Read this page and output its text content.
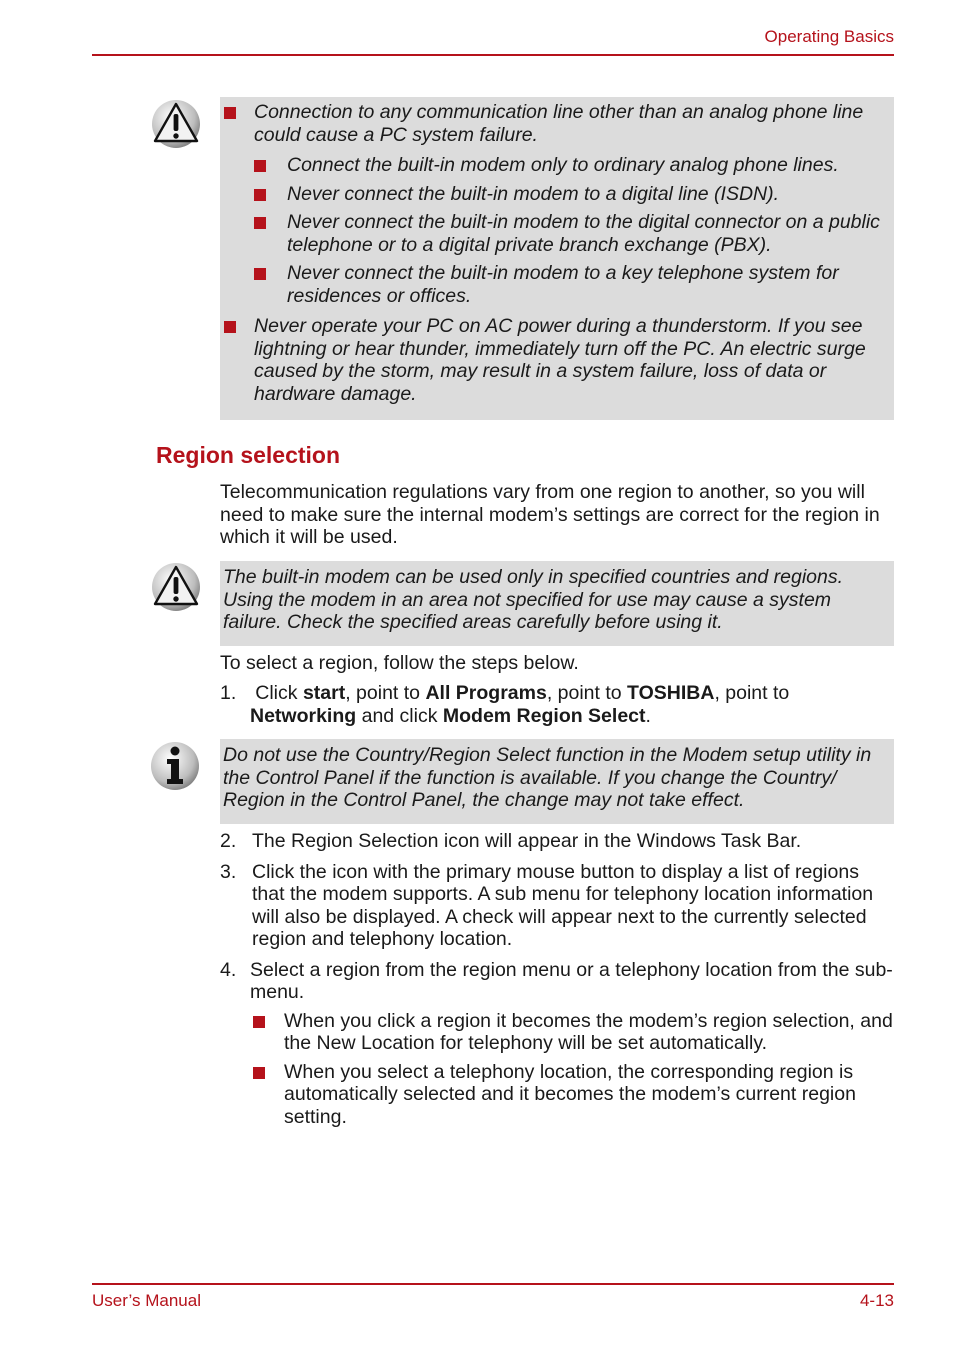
Operating Basics
Connection to any communication line other than an analog phone line could cause a PC system failure.
Connect the built-in modem only to ordinary analog phone lines.
Never connect the built-in modem to a digital line (ISDN).
Never connect the built-in modem to the digital connector on a public telephone or to a digital private branch exchange (PBX).
Never connect the built-in modem to a key telephone system for residences or offices.
Never operate your PC on AC power during a thunderstorm. If you see lightning or hear thunder, immediately turn off the PC. An electric surge caused by the storm, may result in a system failure, loss of data or hardware damage.
Region selection
Telecommunication regulations vary from one region to another, so you will need to make sure the internal modem’s settings are correct for the region in which it will be used.
The built-in modem can be used only in specified countries and regions. Using the modem in an area not specified for use may cause a system failure. Check the specified areas carefully before using it.
To select a region, follow the steps below.
1. Click start, point to All Programs, point to TOSHIBA, point to
Networking and click Modem Region Select.
Do not use the Country/Region Select function in the Modem setup utility in the Control Panel if the function is available. If you change the Country/ Region in the Control Panel, the change may not take effect.
2. The Region Selection icon will appear in the Windows Task Bar.
3. Click the icon with the primary mouse button to display a list of regions that the modem supports. A sub menu for telephony location information will also be displayed. A check will appear next to the currently selected region and telephony location.
4. Select a region from the region menu or a telephony location from the sub-menu.
When you click a region it becomes the modem’s region selection, and the New Location for telephony will be set automatically.
When you select a telephony location, the corresponding region is automatically selected and it becomes the modem’s current region setting.
User’s Manual	4-13
